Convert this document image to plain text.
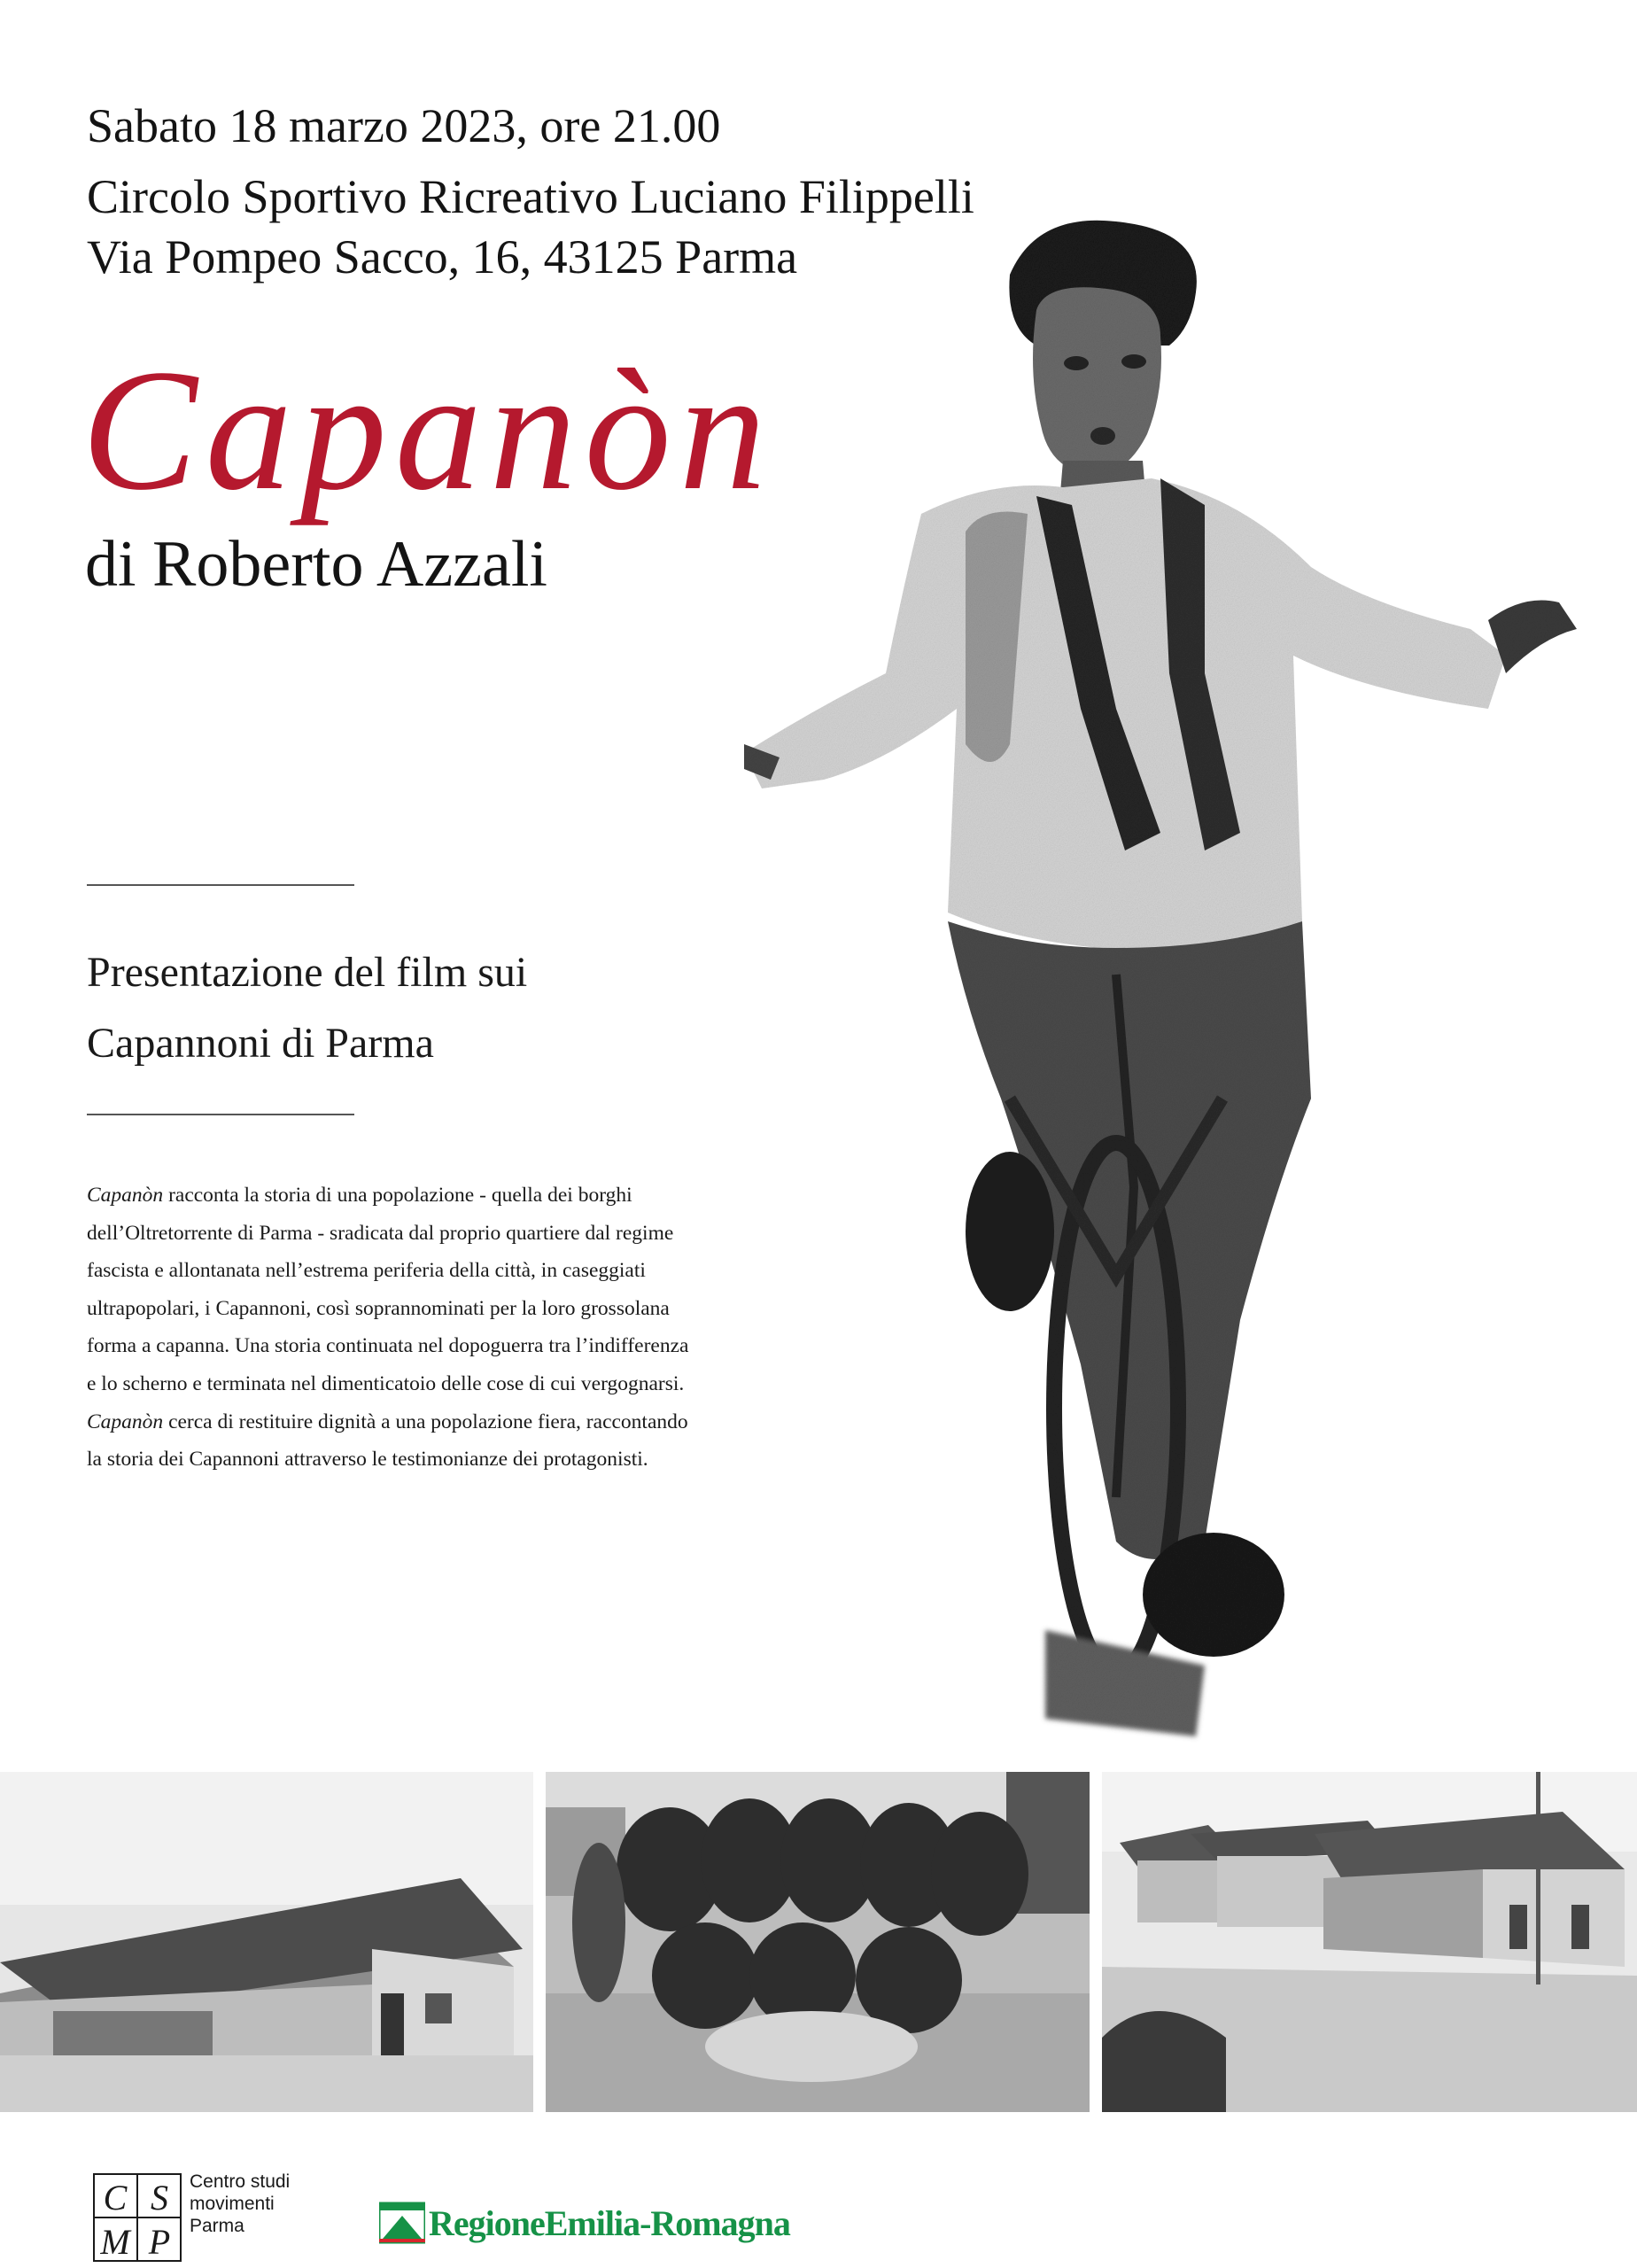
Sabato 18 marzo 2023, ore 21.00
Circolo Sportivo Ricreativo Luciano Filippelli
Via Pompeo Sacco, 16, 43125 Parma
Capanòn
di Roberto Azzali
Presentazione del film sui
Capannoni di Parma
Capanòn racconta la storia di una popolazione - quella dei borghi dell’Oltretorrente di Parma - sradicata dal proprio quartiere dal regime fascista e allontanata nell’estrema periferia della città, in caseggiati ultrapopolari, i Capannoni, così soprannominati per la loro grossolana forma a capanna. Una storia continuata nel dopoguerra tra l’indifferenza e lo scherno e terminata nel dimenticatoio delle cose di cui vergognarsi.
Capanòn cerca di restituire dignità a una popolazione fiera, raccontando la storia dei Capannoni attraverso le testimonianze dei protagonisti.
C S
M P
Centro studi
movimenti
Parma	RegioneEmilia-Romagna
